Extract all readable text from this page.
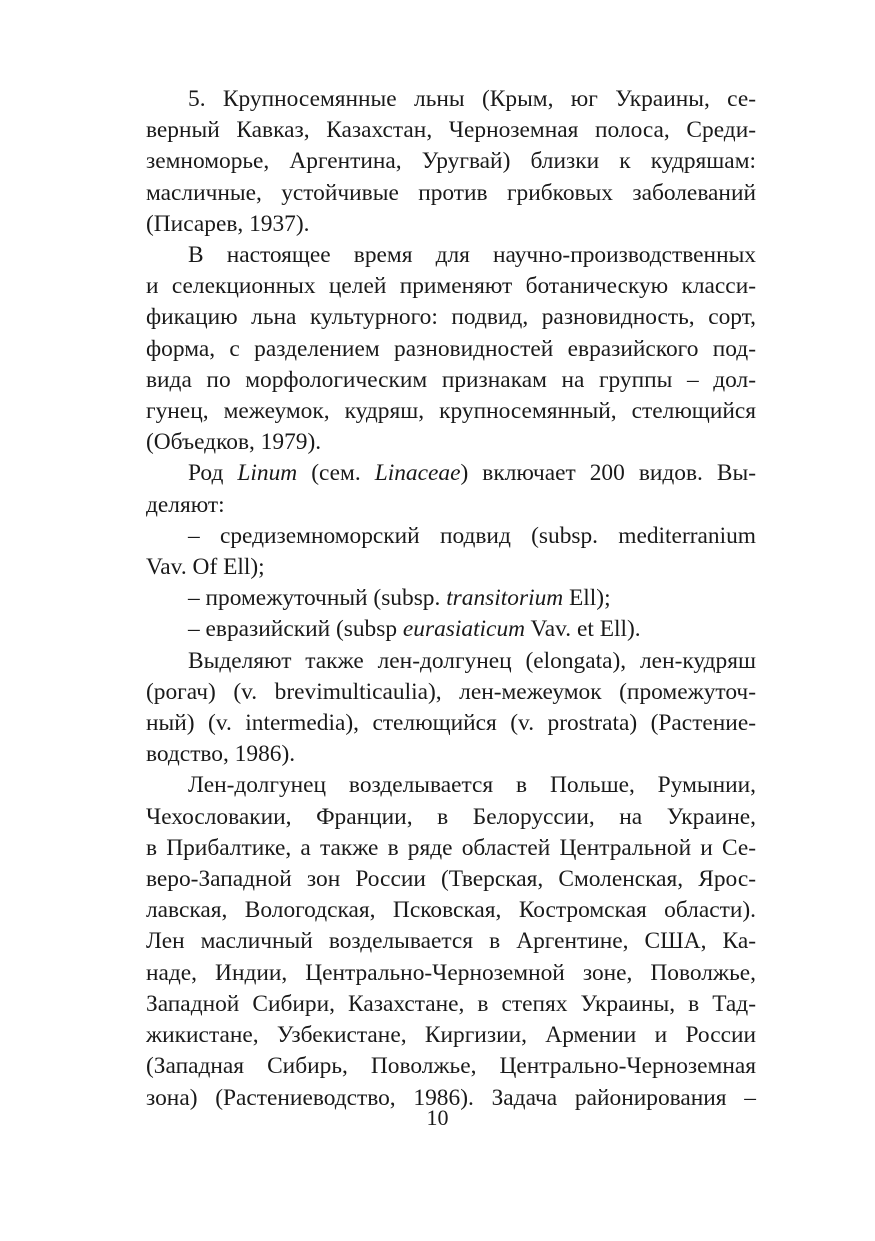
5. Крупносемянные льны (Крым, юг Украины, се-
верный Кавказ, Казахстан, Черноземная полоса, Среди-
земноморье, Аргентина, Уругвай) близки к кудряшам:
масличные, устойчивые против грибковых заболеваний
(Писарев, 1937).

В настоящее время для научно-производственных
и селекционных целей применяют ботаническую класси-
фикацию льна культурного: подвид, разновидность, сорт,
форма, с разделением разновидностей евразийского под-
вида по морфологическим признакам на группы – дол-
гунец, межеумок, кудряш, крупносемянный, стелющийся
(Объедков, 1979).

Род Linum (сем. Linaceae) включает 200 видов. Вы-
деляют:

– средиземноморский подвид (subsp. mediterranium
Vav. Of Ell);

– промежуточный (subsp. transitorium Ell);

– евразийский (subsp eurasiaticum Vav. et Ell).

Выделяют также лен-долгунец (elongata), лен-кудряш
(рогач) (v. brevimulticaulia), лен-межеумок (промежуточ-
ный) (v. intermedia), стелющийся (v. prostrata) (Растение-
водство, 1986).

Лен-долгунец возделывается в Польше, Румынии,
Чехословакии, Франции, в Белоруссии, на Украине,
в Прибалтике, а также в ряде областей Центральной и Се-
веро-Западной зон России (Тверская, Смоленская, Ярос-
лавская, Вологодская, Псковская, Костромская области).
Лен масличный возделывается в Аргентине, США, Ка-
наде, Индии, Центрально-Черноземной зоне, Поволжье,
Западной Сибири, Казахстане, в степях Украины, в Тад-
жикистане, Узбекистане, Киргизии, Армении и России
(Западная Сибирь, Поволжье, Центрально-Черноземная
зона) (Растениеводство, 1986). Задача районирования –

10
